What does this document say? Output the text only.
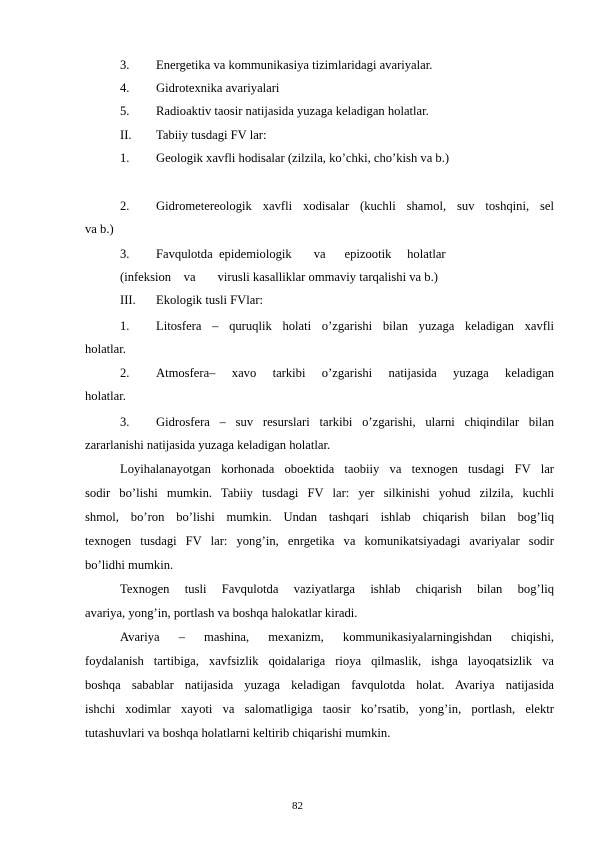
3. Energetika va kommunikasiya tizimlaridagi avariyalar.
4. Gidrotexnika avariyalari
5. Radioaktiv taosir natijasida yuzaga keladigan holatlar.
II. Tabiiy tusdagi FV lar:
1. Geologik xavfli hodisalar (zilzila, ko’chki, cho’kish va b.)
2. Gidrometereologik xavfli xodisalar (kuchli shamol, suv toshqini, sel
va b.)
3. Favqulotda  epidemiologik       va      epizootik     holatlar
(infeksion    va       virusli kasalliklar ommaviy tarqalishi va b.)
III. Ekologik tusli FVlar:
1. Litosfera – quruqlik holati o’zgarishi bilan yuzaga keladigan xavfli
holatlar.
2. Atmosfera– xavo tarkibi o’zgarishi natijasida yuzaga keladigan
holatlar.
3. Gidrosfera – suv resurslari tarkibi o’zgarishi, ularni chiqindilar bilan
zararlanishi natijasida yuzaga keladigan holatlar.
Loyihalanayotgan korhonada oboektida taobiiy va texnogen tusdagi FV lar
sodir bo’lishi mumkin. Tabiiy tusdagi FV lar: yer silkinishi yohud zilzila, kuchli
shmol, bo’ron bo’lishi mumkin. Undan tashqari ishlab chiqarish bilan bog’liq
texnogen tusdagi FV lar: yong’in, enrgetika va komunikatsiyadagi avariyalar sodir
bo’lidhi mumkin.
Texnogen tusli Favqulotda vaziyatlarga ishlab chiqarish bilan bog’liq
avariya, yong’in, portlash va boshqa halokatlar kiradi.
Avariya – mashina, mexanizm, kommunikasiyalarningishdan chiqishi,
foydalanish tartibiga, xavfsizlik qoidalariga rioya qilmaslik, ishga layoqatsizlik va
boshqa sabablar natijasida yuzaga keladigan favqulotda holat. Avariya natijasida
ishchi xodimlar xayoti va salomatligiga taosir ko’rsatib, yong’in, portlash, elektr
tutashuvlari va boshqa holatlarni keltirib chiqarishi mumkin.
82
